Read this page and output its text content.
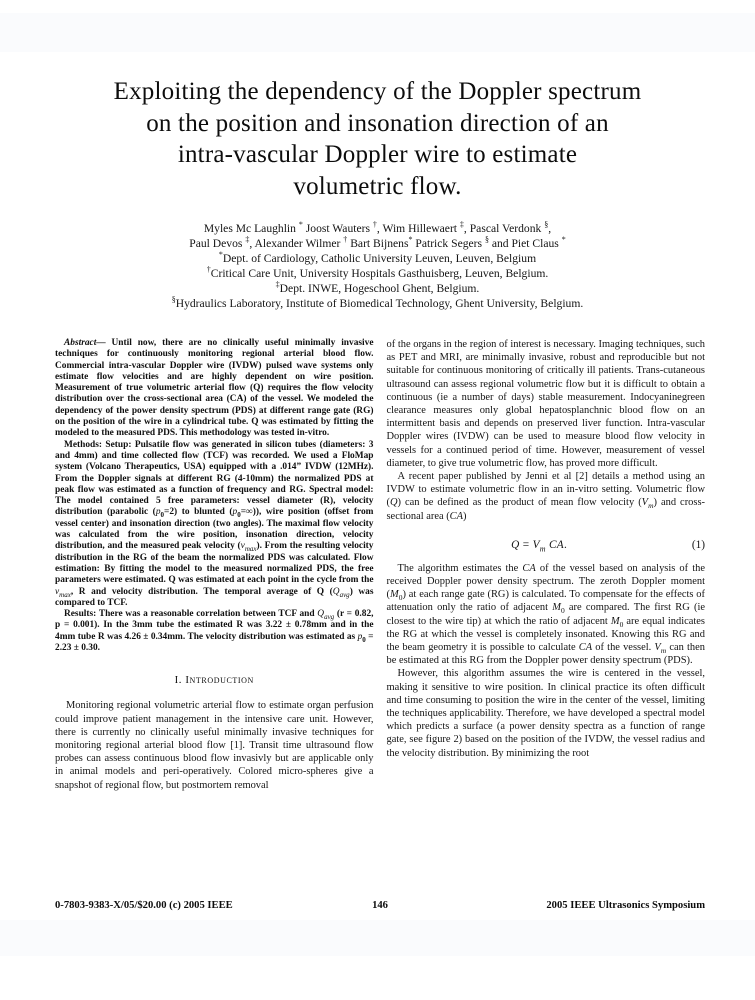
Exploiting the dependency of the Doppler spectrum
on the position and insonation direction of an
intra-vascular Doppler wire to estimate
volumetric flow.
Myles Mc Laughlin * Joost Wauters †, Wim Hillewaert ‡, Pascal Verdonk §,
Paul Devos ‡, Alexander Wilmer † Bart Bijnens* Patrick Segers § and Piet Claus *
*Dept. of Cardiology, Catholic University Leuven, Leuven, Belgium
†Critical Care Unit, University Hospitals Gasthuisberg, Leuven, Belgium.
‡Dept. INWE, Hogeschool Ghent, Belgium.
§Hydraulics Laboratory, Institute of Biomedical Technology, Ghent University, Belgium.

Abstract— Until now, there are no clinically useful minimally invasive techniques for continuously monitoring regional arterial blood flow. Commercial intra-vascular Doppler wire (IVDW) pulsed wave systems only estimate flow velocities and are highly dependent on wire position. Measurement of true volumetric arterial flow (Q) requires the flow velocity distribution over the cross-sectional area (CA) of the vessel. We modeled the dependency of the power density spectrum (PDS) at different range gate (RG) on the position of the wire in a cylindrical tube. Q was estimated by fitting the modeled to the measured PDS. This methodology was tested in-vitro.

Methods: Setup: Pulsatile flow was generated in silicon tubes (diameters: 3 and 4mm) and time collected flow (TCF) was recorded. We used a FloMap system (Volcano Therapeutics, USA) equipped with a .014” IVDW (12MHz). From the Doppler signals at different RG (4-10mm) the normalized PDS at peak flow was estimated as a function of frequency and RG. Spectral model: The model contained 5 free parameters: vessel diameter (R), velocity distribution (parabolic $(p_0=2)$ to blunted $(p_0=\infty)$), wire position (offset from vessel center) and insonation direction (two angles). The maximal flow velocity was calculated from the wire position, insonation direction, velocity distribution, and the measured peak velocity $(v_{max})$. From the resulting velocity distribution in the RG of the beam the normalized PDS was calculated. Flow estimation: By fitting the model to the measured normalized PDS, the free parameters were estimated. Q was estimated at each point in the cycle from the $v_{max}$, R and velocity distribution. The temporal average of Q $(Q_{avg})$ was compared to TCF.

Results: There was a reasonable correlation between TCF and $Q_{avg}$ (r = 0.82, p = 0.001). In the 3mm tube the estimated R was 3.22 ± 0.78mm and in the 4mm tube R was 4.26 ± 0.34mm. The velocity distribution was estimated as $p_0 = 2.23 \pm 0.30$.

I. Introduction

Monitoring regional volumetric arterial flow to estimate organ perfusion could improve patient management in the intensive care unit. However, there is currently no clinically useful minimally invasive techniques for monitoring regional arterial blood flow [1]. Transit time ultrasound flow probes can assess continuous blood flow invasivly but are applicable only in animal models and peri-operatively. Colored micro-spheres give a snapshot of regional flow, but postmortem removal

of the organs in the region of interest is necessary. Imaging techniques, such as PET and MRI, are minimally invasive, robust and reproducible but not suitable for continuous monitoring of critically ill patients. Trans-cutaneous ultrasound can assess regional volumetric flow but it is difficult to obtain a continuous (ie a number of days) stable measurement. Indocyaninegreen clearance measures only global hepatosplanchnic blood flow on an intermittent basis and depends on preserved liver function. Intra-vascular Doppler wires (IVDW) can be used to measure blood flow velocity in vessels for a continued period of time. However, measurement of vessel diameter, to give true volumetric flow, has proved more difficult.

A recent paper published by Jenni et al [2] details a method using an IVDW to estimate volumetric flow in an in-vitro setting. Volumetric flow (Q) can be defined as the product of mean flow velocity $(V_m)$ and cross-sectional area (CA)

$Q = V_m$ CA.	(1)

The algorithm estimates the CA of the vessel based on analysis of the received Doppler power density spectrum. The zeroth Doppler moment $(M_0)$ at each range gate (RG) is calculated. To compensate for the effects of attenuation only the ratio of adjacent $M_0$ are compared. The first RG (ie closest to the wire tip) at which the ratio of adjacent $M_0$ are equal indicates the RG at which the vessel is completely insonated. Knowing this RG and the beam geometry it is possible to calculate CA of the vessel. $V_m$ can then be estimated at this RG from the Doppler power density spectrum (PDS).

However, this algorithm assumes the wire is centered in the vessel, making it sensitive to wire position. In clinical practice its often difficult and time consuming to position the wire in the center of the vessel, limiting the techniques applicability. Therefore, we have developed a spectral model which predicts a surface (a power density spectra as a function of range gate, see figure 2) based on the position of the IVDW, the vessel radius and the velocity distribution. By minimizing the root

0-7803-9383-X/05/$20.00 (c) 2005 IEEE	146	2005 IEEE Ultrasonics Symposium
